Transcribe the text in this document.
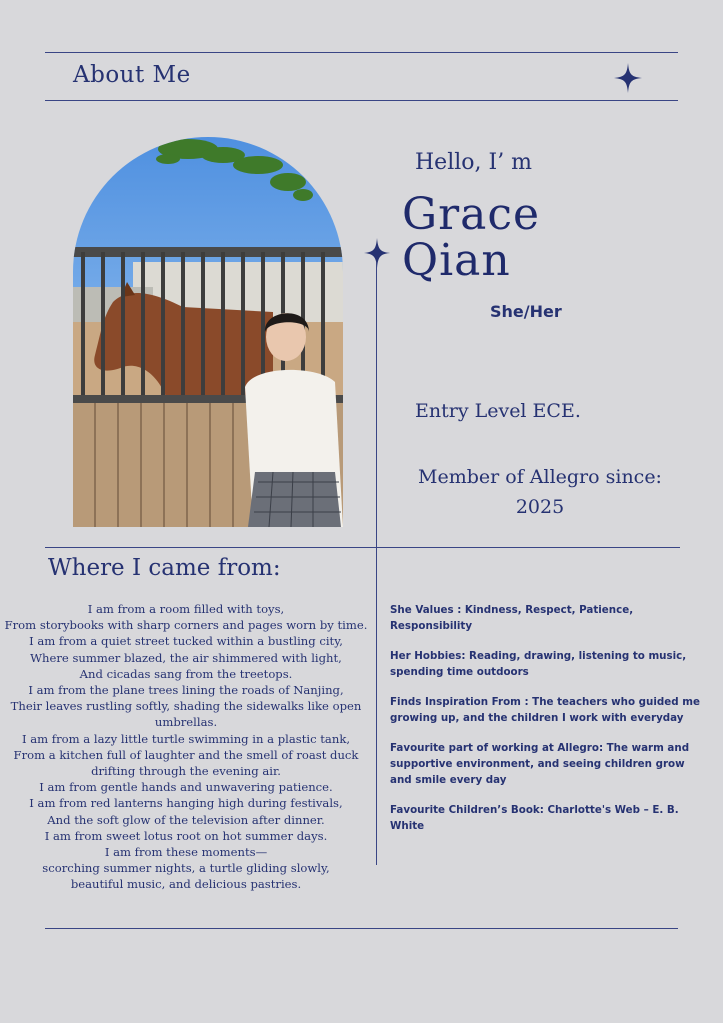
About Me
Hello, I’ m
Grace
Qian
She/Her
Entry Level ECE.
Member of Allegro since:
2025
Where I came from:
I am from a room filled with toys,
From storybooks with sharp corners and pages worn by time.
I am from a quiet street tucked within a bustling city,
Where summer blazed, the air shimmered with light,
And cicadas sang from the treetops.
I am from the plane trees lining the roads of Nanjing,
Their leaves rustling softly, shading the sidewalks like open
umbrellas.
I am from a lazy little turtle swimming in a plastic tank,
From a kitchen full of laughter and the smell of roast duck
drifting through the evening air.
I am from gentle hands and unwavering patience.
I am from red lanterns hanging high during festivals,
And the soft glow of the television after dinner.
I am from sweet lotus root on hot summer days.
I am from these moments—
scorching summer nights, a turtle gliding slowly,
beautiful music, and delicious pastries.

She Values : Kindness, Respect, Patience, Responsibility

Her Hobbies: Reading, drawing, listening to music, spending time outdoors

Finds Inspiration From : The teachers who guided me growing up, and the children I work with everyday

Favourite part of working at Allegro: The warm and supportive environment, and seeing children grow and smile every day

Favourite Children’s Book: Charlotte's Web – E. B. White
